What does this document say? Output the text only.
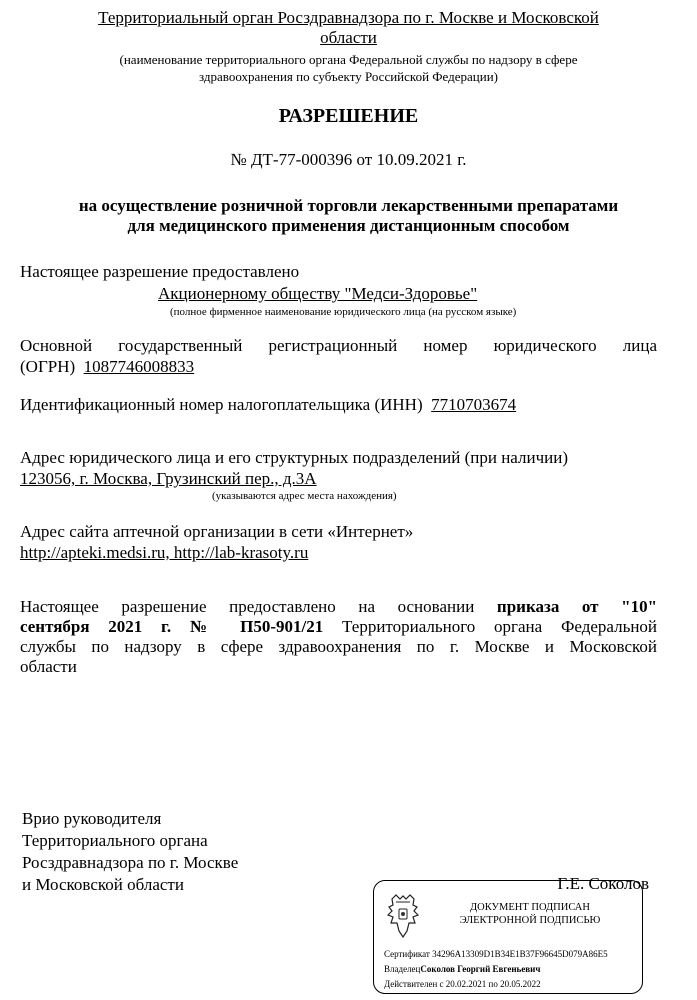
Территориальный орган Росздравнадзора по г. Москве и Московской
области
(наименование территориального органа Федеральной службы по надзору в сфере
здравоохранения по субъекту Российской Федерации)
РАЗРЕШЕНИЕ
№ ДТ-77-000396 от 10.09.2021 г.
на осуществление розничной торговли лекарственными препаратами
для медицинского применения дистанционным способом
Настоящее разрешение предоставлено
Акционерному обществу "Медси-Здоровье"
(полное фирменное наименование юридического лица (на русском языке)
Основной государственный регистрационный номер юридического лица
(ОГРН) 1087746008833
Идентификационный номер налогоплательщика (ИНН) 7710703674
Адрес юридического лица и его структурных подразделений (при наличии)
123056, г. Москва, Грузинский пер., д.3А
(указываются адрес места нахождения)
Адрес сайта аптечной организации в сети «Интернет»
http://apteki.medsi.ru, http://lab-krasoty.ru
Настоящее разрешение предоставлено на основании приказа от "10"
сентября 2021 г. № П50-901/21 Территориального органа Федеральной
службы по надзору в сфере здравоохранения по г. Москве и Московской
области
Врио руководителя
Территориального органа
Росздравнадзора по г. Москве
и Московской области	Г.Е. Соколов
ДОКУМЕНТ ПОДПИСАН
ЭЛЕКТРОННОЙ ПОДПИСЬЮ
Сертификат 34296A13309D1B34E1B37F96645D079A86E5
ВладелецСоколов Георгий Евгеньевич
Действителен с 20.02.2021 по 20.05.2022
